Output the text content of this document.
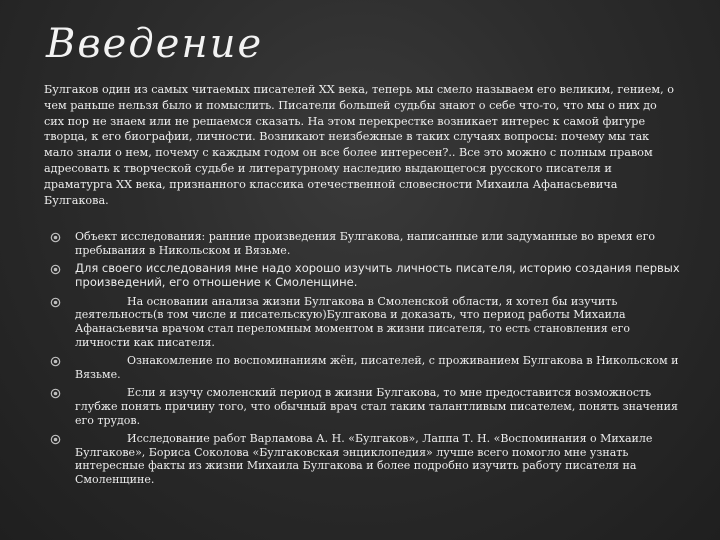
Введение

Булгаков один из самых читаемых писателей XX века, теперь мы смело называем его великим, гением, о чем раньше нельзя было и помыслить. Писатели большей судьбы знают о себе что-то, что мы о них до сих пор не знаем или не решаемся сказать. На этом перекрестке возникает интерес к самой фигуре творца, к его биографии, личности. Возникают неизбежные в таких случаях вопросы: почему мы так мало знали о нем, почему с каждым годом он все более интересен?.. Все это можно с полным правом адресовать к творческой судьбе и литературному наследию выдающегося русского писателя и драматурга XX века, признанного классика отечественной словесности Михаила Афанасьевича Булгакова.

Объект исследования: ранние произведения Булгакова, написанные или задуманные во время его пребывания в Никольском и Вязьме.
Для своего исследования мне надо хорошо изучить личность писателя, историю создания первых произведений, его отношение к Смоленщине.
На основании анализа жизни Булгакова в Смоленской области, я хотел бы изучить деятельность(в том числе и писательскую)Булгакова и доказать, что период работы Михаила Афанасьевича врачом стал переломным моментом в жизни писателя, то есть становления его личности как писателя.
Ознакомление по воспоминаниям жён, писателей, с проживанием Булгакова в Никольском и Вязьме.
Если я изучу смоленский период в жизни Булгакова, то мне предоставится возможность глубже понять причину того, что обычный врач стал таким талантливым писателем, понять значения его трудов.
Исследование работ Варламова А. Н. «Булгаков», Лаппа Т. Н. «Воспоминания о Михаиле Булгакове», Бориса Соколова «Булгаковская энциклопедия» лучше всего помогло мне узнать интересные факты из жизни Михаила Булгакова и более подробно изучить работу писателя на Смоленщине.
